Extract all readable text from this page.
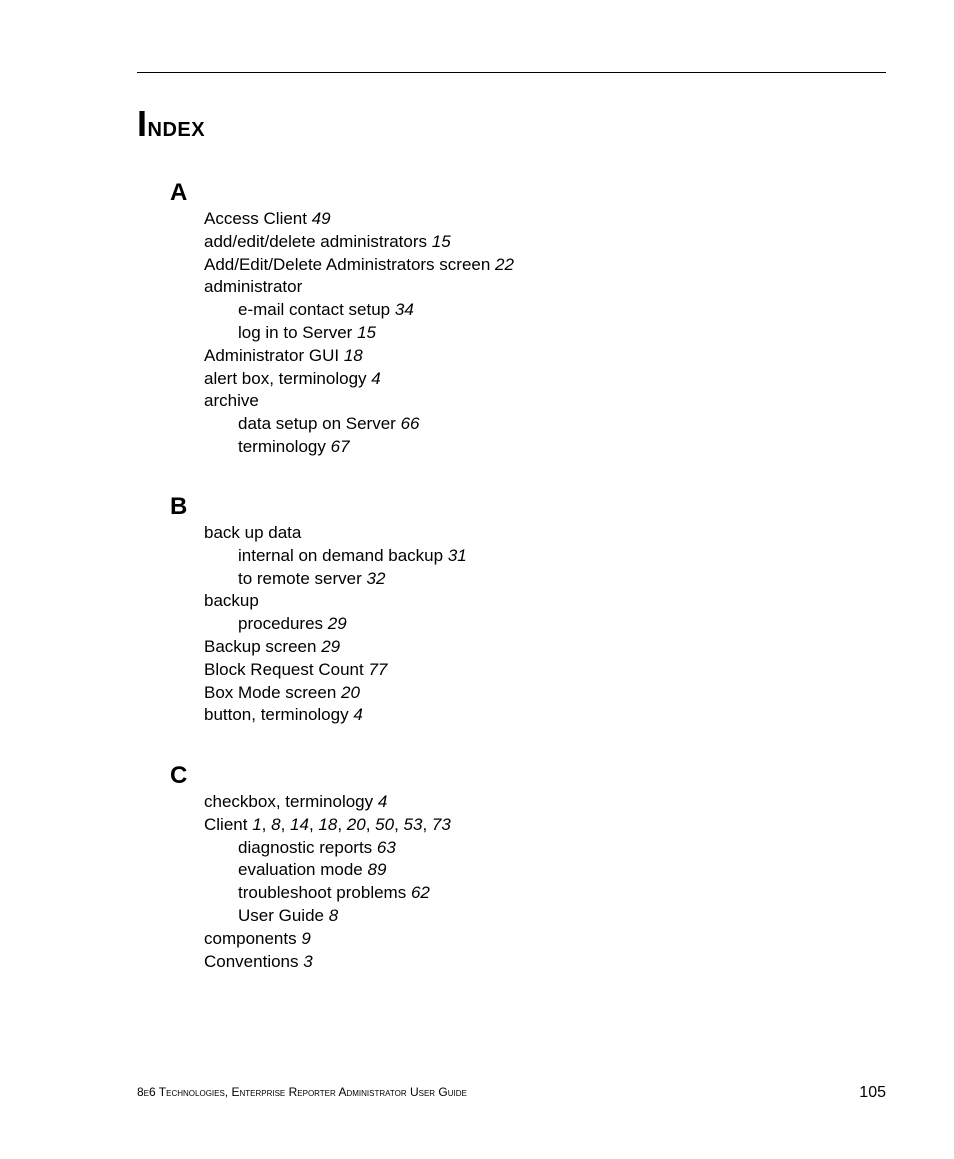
Index
A
Access Client 49
add/edit/delete administrators 15
Add/Edit/Delete Administrators screen 22
administrator
e-mail contact setup 34
log in to Server 15
Administrator GUI 18
alert box, terminology 4
archive
data setup on Server 66
terminology 67
B
back up data
internal on demand backup 31
to remote server 32
backup
procedures 29
Backup screen 29
Block Request Count 77
Box Mode screen 20
button, terminology 4
C
checkbox, terminology 4
Client 1, 8, 14, 18, 20, 50, 53, 73
diagnostic reports 63
evaluation mode 89
troubleshoot problems 62
User Guide 8
components 9
Conventions 3
8e6 Technologies, Enterprise Reporter Administrator User Guide	105
